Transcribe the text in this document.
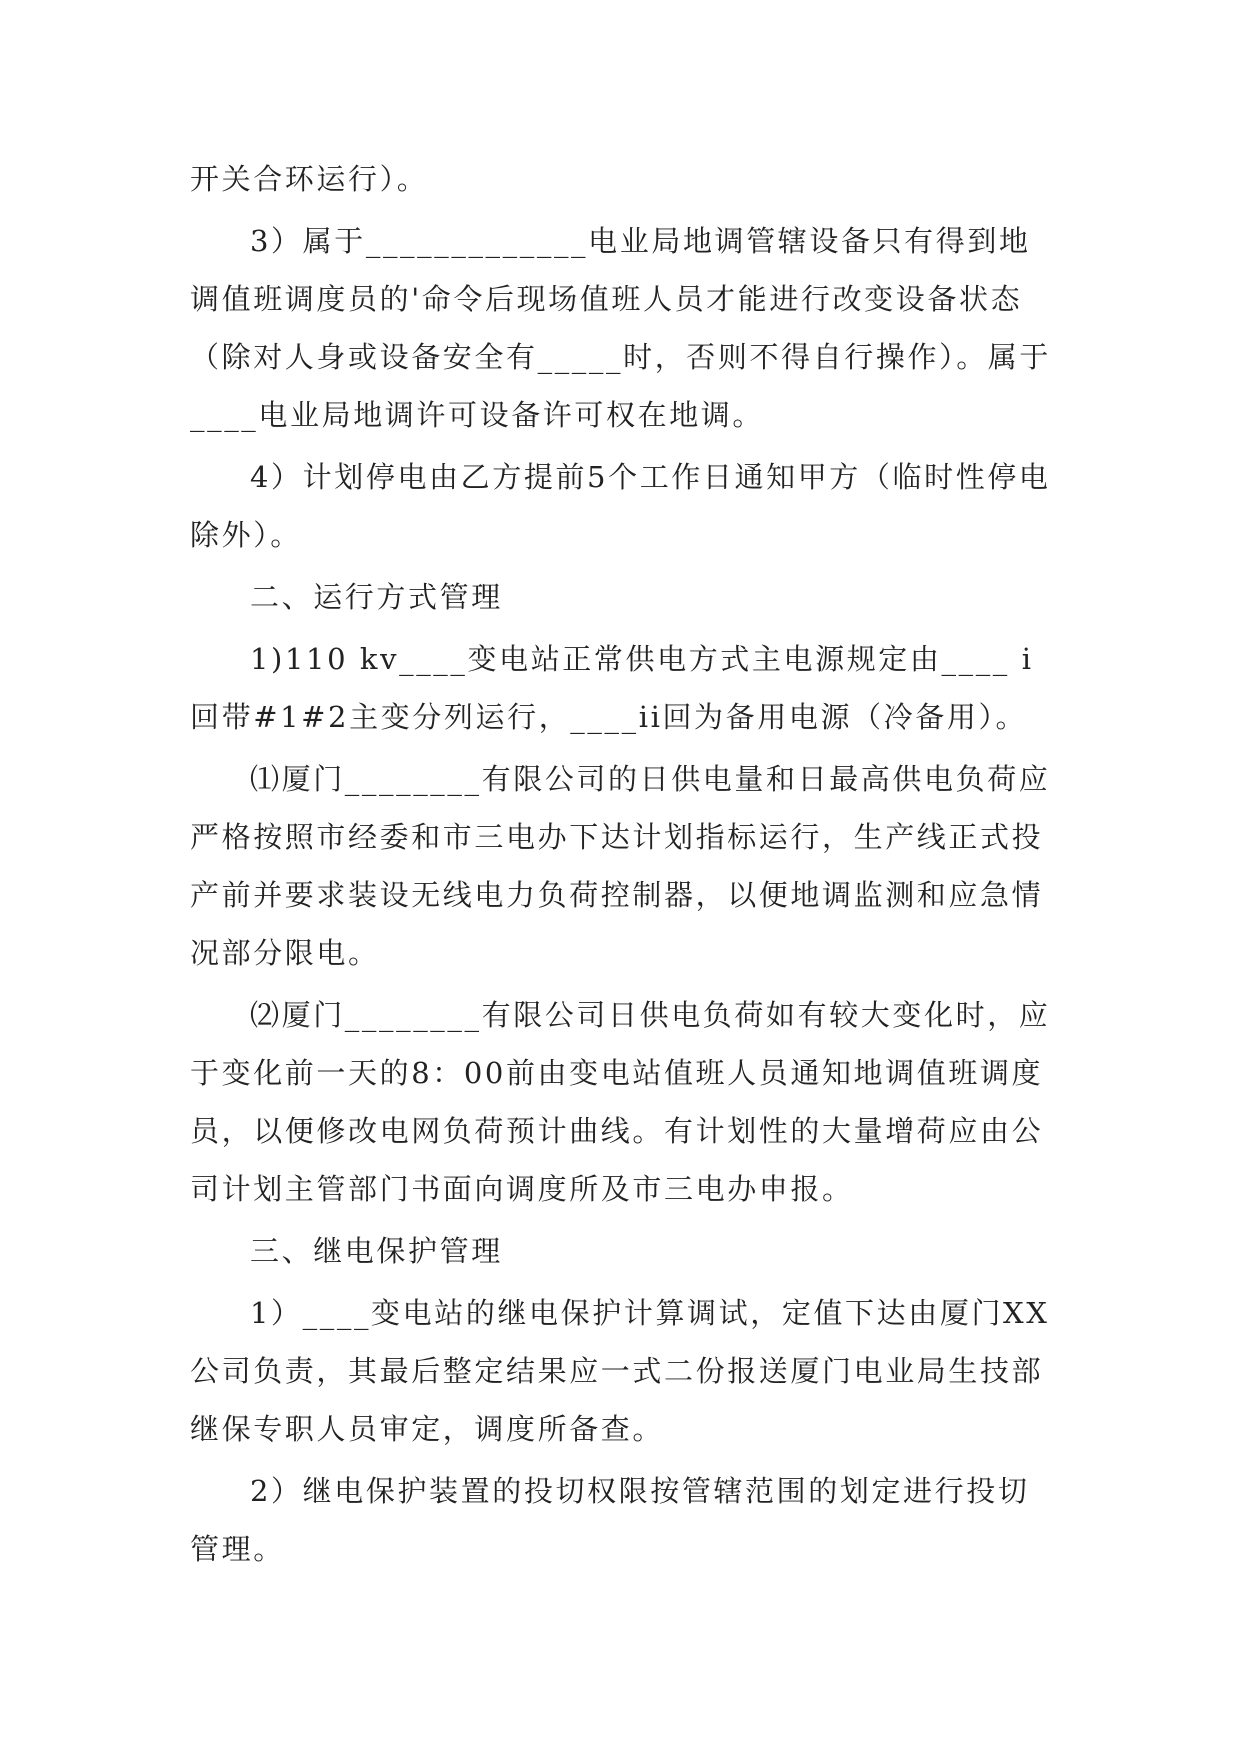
开关合环运行）。

3）属于_____________电业局地调管辖设备只有得到地调值班调度员的'命令后现场值班人员才能进行改变设备状态（除对人身或设备安全有_____时，否则不得自行操作）。属于____电业局地调许可设备许可权在地调。

4）计划停电由乙方提前5个工作日通知甲方（临时性停电除外）。

二、运行方式管理

1)110 kv____变电站正常供电方式主电源规定由____ i回带#1#2主变分列运行，____ii回为备用电源（冷备用）。

⑴厦门________有限公司的日供电量和日最高供电负荷应严格按照市经委和市三电办下达计划指标运行，生产线正式投产前并要求装设无线电力负荷控制器，以便地调监测和应急情况部分限电。

⑵厦门________有限公司日供电负荷如有较大变化时，应于变化前一天的8：00前由变电站值班人员通知地调值班调度员，以便修改电网负荷预计曲线。有计划性的大量增荷应由公司计划主管部门书面向调度所及市三电办申报。

三、继电保护管理

1）____变电站的继电保护计算调试，定值下达由厦门XX公司负责，其最后整定结果应一式二份报送厦门电业局生技部继保专职人员审定，调度所备查。

2）继电保护装置的投切权限按管辖范围的划定进行投切管理。
